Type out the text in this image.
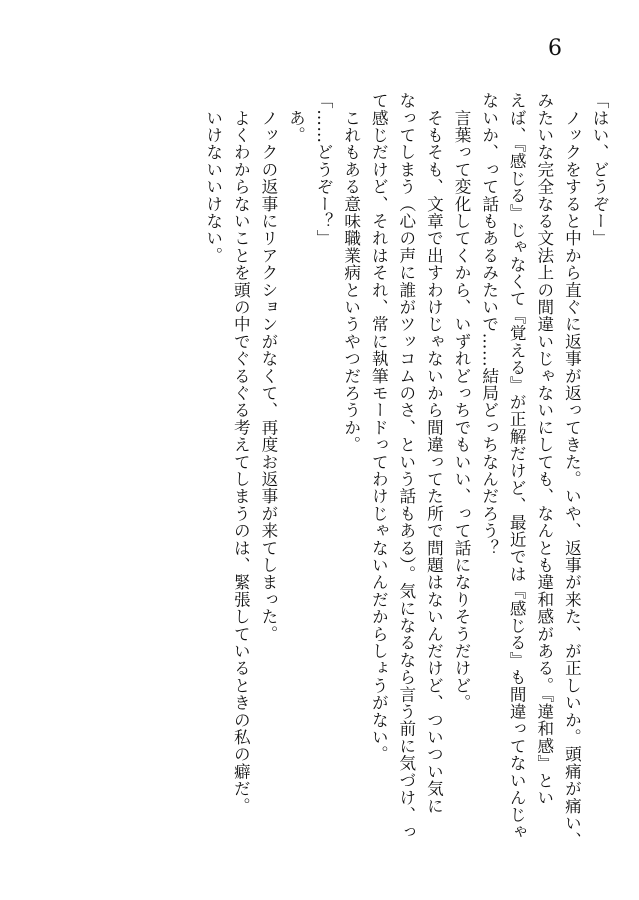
6
「はい、どうぞー」
　ノックをすると中から直ぐに返事が返ってきた。いや、返事が来た、が正しいか。頭痛が痛い、
みたいな完全なる文法上の間違いじゃないにしても、なんとも違和感がある。『違和感』とい
えば、『感じる』じゃなくて『覚える』が正解だけど、最近では『感じる』も間違ってないんじゃ
ないか、って話もあるみたいで……結局どっちなんだろう？
　言葉って変化してくから、いずれどっちでもいい、って話になりそうだけど。
　そもそも、文章で出すわけじゃないから間違ってた所で問題はないんだけど、ついつい気に
なってしまう（心の声に誰がツッコムのさ、という話もある）。気になるなら言う前に気づけ、っ
て感じだけど、それはそれ、常に執筆モードってわけじゃないんだからしょうがない。
　これもある意味職業病というやつだろうか。
「……どうぞー？」
　あ。
　ノックの返事にリアクションがなくて、再度お返事が来てしまった。
　よくわからないことを頭の中でぐるぐる考えてしまうのは、緊張しているときの私の癖だ。
　いけないいけない。
